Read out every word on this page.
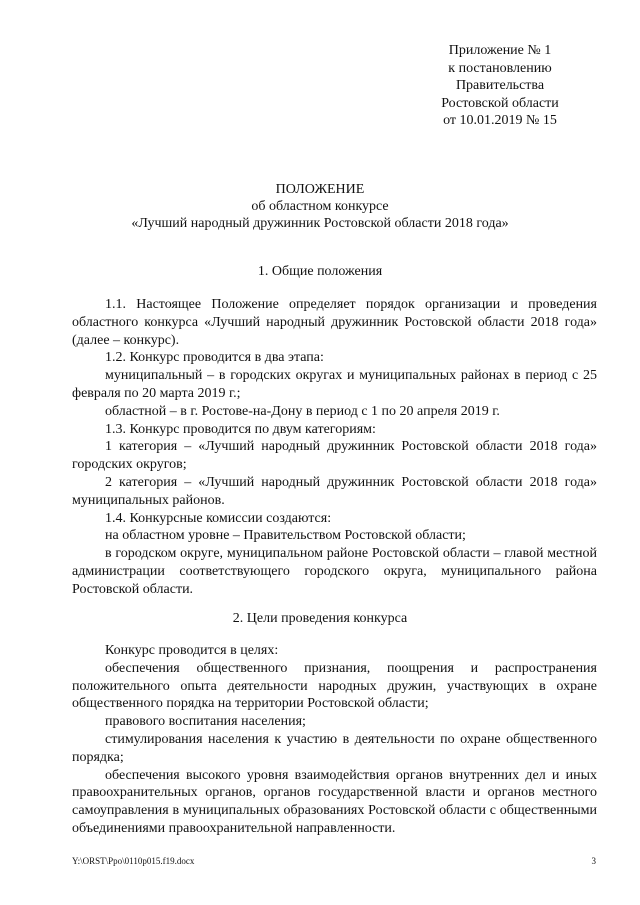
Приложение № 1
к постановлению
Правительства
Ростовской области
от 10.01.2019 № 15
ПОЛОЖЕНИЕ
об областном конкурсе
«Лучший народный дружинник Ростовской области 2018 года»
1. Общие положения

1.1. Настоящее Положение определяет порядок организации и проведения областного конкурса «Лучший народный дружинник Ростовской области 2018 года» (далее – конкурс).

1.2. Конкурс проводится в два этапа:

муниципальный – в городских округах и муниципальных районах в период с 25 февраля по 20 марта 2019 г.;

областной – в г. Ростове-на-Дону в период с 1 по 20 апреля 2019 г.

1.3. Конкурс проводится по двум категориям:

1 категория – «Лучший народный дружинник Ростовской области 2018 года» городских округов;

2 категория – «Лучший народный дружинник Ростовской области 2018 года» муниципальных районов.

1.4. Конкурсные комиссии создаются:

на областном уровне – Правительством Ростовской области;

в городском округе, муниципальном районе Ростовской области – главой местной администрации соответствующего городского округа, муниципального района Ростовской области.

2. Цели проведения конкурса

Конкурс проводится в целях:

обеспечения общественного признания, поощрения и распространения положительного опыта деятельности народных дружин, участвующих в охране общественного порядка на территории Ростовской области;

правового воспитания населения;

стимулирования населения к участию в деятельности по охране общественного порядка;

обеспечения высокого уровня взаимодействия органов внутренних дел и иных правоохранительных органов, органов государственной власти и органов местного самоуправления в муниципальных образованиях Ростовской области с общественными объединениями правоохранительной направленности.

Y:\ORST\Ppo\0110p015.f19.docx	3
